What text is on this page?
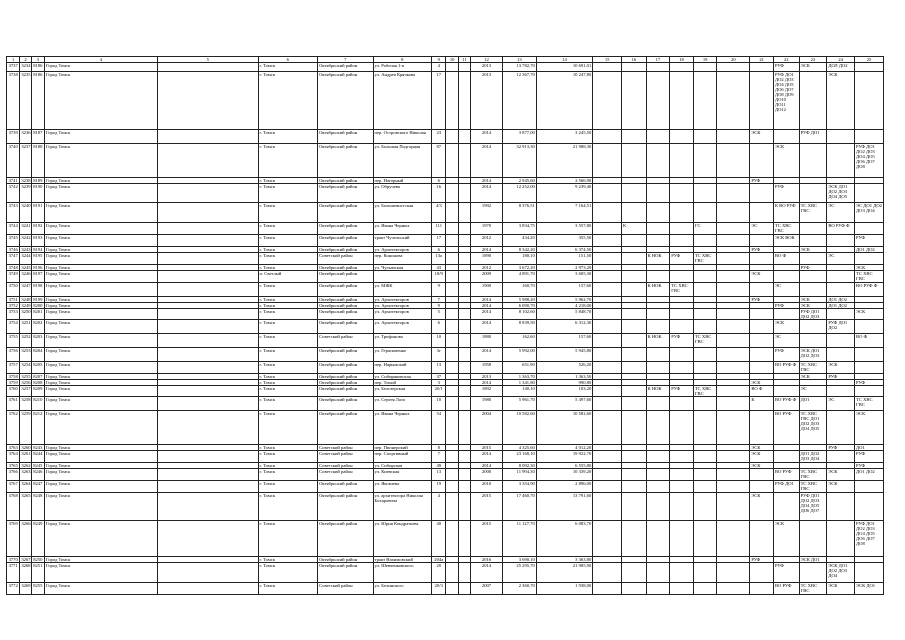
1	2	3	4	5	6	7	8	9	10	11	12	13	14	15	16	17	18	19	20	21	22	23	24	25
3737	3234	8186	Город Томск		г. Томск	Октябрьский район	ул. Рабочая 1-я	4			2013	13 782,70	10 691,01								РУФ	ЭСК	ДОЛ ДО2	
3738	3235	8186	Город Томск		г. Томск	Октябрьский район	ул. Андрея Крячкова	17			2013	12 367,70	10 247,80								РУФ ДО1 ДО2 ДО3 ДО4 ДО5 ДО6 ДО7 ДО8 ДО9 ДО10 ДО11 ДО12		ЭСК	
3739	3236	8187	Город Томск		г. Томск	Октябрьский район	пер. Островского Николая	23			2014	3 877,00	3 245,50							ЭСК		РУФ ДО1		
3740	3237	8188	Город Томск		г. Томск	Октябрьский район	ул. Большая Подгорная	87			2014	32 913,30	21 988,30								ЭСК			РУФ ДО1 ДО2 ДО3 ДО4 ДО5 ДО6 ДО7 ДО8
3741	3238	8189	Город Томск		г. Томск	Октябрьский район	пер. Нагорный	6			2014	2 945,60	2 566,90							РУФ				
3742	3239	8190	Город Томск		г. Томск	Октябрьский район	ул. Обручева	16			2014	12 252,00	9 239,40								РУФ		ЭСК ДО1 ДО2 ДО3 ДО4 ДО5	
3743	3240	8191	Город Томск		г. Томск	Октябрьский район	ул. Большевистская	4/3			1992	8 376,51	7 164,51								К ВО РУФ	ТС ХВС ГВС	ЭС	ЭС ДО1 ДО2 ДО3 ДО4
3744	3241	8192	Город Томск		г. Томск	Октябрьский район	ул. Ивана Черных	111			1970	3 834,75	3 557,80		К			ГС		ЭС	ТС ХВС ГВС		ВО РУФ Ф	
3745	3242	8193	Город Томск		г. Томск	Октябрьский район	тракт Чучельский	17			2012	434,20	355,50								ЭСК ВОК			РУФ
3746	3243	8194	Город Томск		г. Томск	Октябрьский район	ул. Архитекторов	6			2014	8 342,20	6 374,50							РУФ		ЭСК		ДО1 ДО2
3747	3244	8195	Город Томск		г. Томск	Советский район	пер. Кононова	13а			1890	180,10	151,50			К НОК	РУФ	ТС ХВС ГВС			ВО Ф		ЭС	
3748	3245	8196	Город Томск		г. Томск	Октябрьский район	ул. Чулымская	43			2012	3 672,20	2 973,20									РУФ		ЭСК
3749	3246	8197	Город Томск		п. Светлый	Октябрьский район		18/9			2009	4 891,70	3 605,30							ЭСК				ТС ХВС ГВС
3750	3247	8198	Город Томск		г. Томск	Октябрьский район	ул. МЖК	9			1900	160,70	157,60			К НОК	ТС ХВС ГВС				ЭС			ВО РУФ Ф
3751	3248	8199	Город Томск		г. Томск	Октябрьский район	ул. Архитекторов	7			2014	5 988,20	5 962,70							РУФ		ЭСК	ДО1 ДО2	
3752	3249	8200	Город Томск		г. Томск	Октябрьский район	ул. Архитекторов	9			2014	6 090,70	4 218,00								РУФ	ЭСК	ДО1 ДО2	
3753	3250	8201	Город Томск		г. Томск	Октябрьский район	ул. Архитекторов	5			2014	8 102,60	5 848,70									РУФ ДО1 ДО2 ДО3		ЭСК
3754	3251	8202	Город Томск		г. Томск	Октябрьский район	ул. Архитекторов	6			2014	8 839,50	6 312,30								ЭСК		РУФ ДО1 ДО2	
3755	3252	8203	Город Томск		г. Томск	Советский район	ул. Трифонова	10			1880	162,60	157,60			К НОК	РУФ	ТС ХВС ГВС			ЭС			ВО Ф
3756	3253	8204	Город Томск		г. Томск	Октябрьский район	ул. Герасименко	3г			2014	5 992,00	5 945,80								РУФ	ЭСК ДО1 ДО2 ДО3		
3757	3254	8205	Город Томск		г. Томск	Октябрьский район	пер. Нарымский	13			1958	651,90	526,20								ВО РУФ Ф	ТС ХВС ГВС	ЭСК	
3758	3255	8207	Город Томск		г. Томск	Октябрьский район	ул. Сибиряковская	37			2013	1 363,70	1 363,50									ЭСК	РУФ	
3759	3256	8208	Город Томск		г. Томск	Октябрьский район	пер. Тихий	3			2014	1 341,80	990,80							ЭСК				РУФ
3760	3257	8209	Город Томск		г. Томск	Октябрьский район	ул. Белозерская	20/1			1892	140,10	103,20			К НОК	РУФ	ТС ХВС ГВС		ВО Ф		ЭС		
3761	3258	8210	Город Томск		г. Томск	Октябрьский район	ул. Сергея Лазо	10			1980	5 961,70	5 497,60							К	ВО РУФ Ф	ДО1	ЭС	ТС ХВС ГВС
3762	3259	8212	Город Томск		г. Томск	Октябрьский район	ул. Ивана Черных	54			2004	10 582,60	10 582,60								ВО РУФ	ТС ХВС ГВС ДО1 ДО2 ДО3 ДО4 ДО5		ЭСК
3763	3260	8243	Город Томск		г. Томск	Советский район	пер. Пионерский	8			2015	4 325,60	4 012,20							ЭСК			РУФ	ДО1
3764	3261	8244	Город Томск		г. Томск	Советский район	пер. Спортивный	7			2014	23 168,10	19 922,70							ЭСК		ДО1 ДО2 ДО3 ДО4		РУФ
3765	3262	8245	Город Томск		г. Томск	Советский район	ул. Сибирская	49			2014	8 092,30	6 555,80							ЭСК				РУФ
3766	3263	8246	Город Томск		г. Томск	Советский район	ул. Киевская	13			2000	11 994,30	10 339,20								ВО РУФ	ТС ХВС ГВС	ЭСК	ДО1 ДО2
3767	3264	8247	Город Томск		г. Томск	Октябрьский район	ул. Яковлева	19			2010	3 354,90	2 896,00								РУФ ДО1	ТС ХВС ГВС	ЭСК	
3768	3265	8248	Город Томск		г. Томск	Октябрьский район	ул. архитектора Николая Бохаровича	4			2015	17 460,70	13 791,60							ЭСК		РУФ ДО1 ДО2 ДО3 ДО4 ДО5 ДО6 ДО7		
3769	3266	8249	Город Томск		г. Томск	Октябрьский район	ул. Юрия Кондратьева	40			2015	11 127,70	6 083,70								ЭСК			РУФ ДО1 ДО2 ДО3 ДО4 ДО5 ДО6 ДО7 ДО8
3770	3267	8250	Город Томск		г. Томск	Октябрьский район	тракт Нахимовский	204а			2016	3 690,10	3 363,80							РУФ		ЭСК ДО1		
3771	3268	8251	Город Томск		г. Томск	Октябрьский район	ул. Шевченковского	20			2014	25 295,70	21 985,90								РУФ		ЭСК ДО1 ДО2 ДО3 ДО4	
3772	3269	8255	Город Томск		г. Томск	Советский район	ул. Белинского	20/3			2007	2 360,70	1 938,00								ВО РУФ	ТС ХВС ГВС	ЭСК	ЭСК ДО1
